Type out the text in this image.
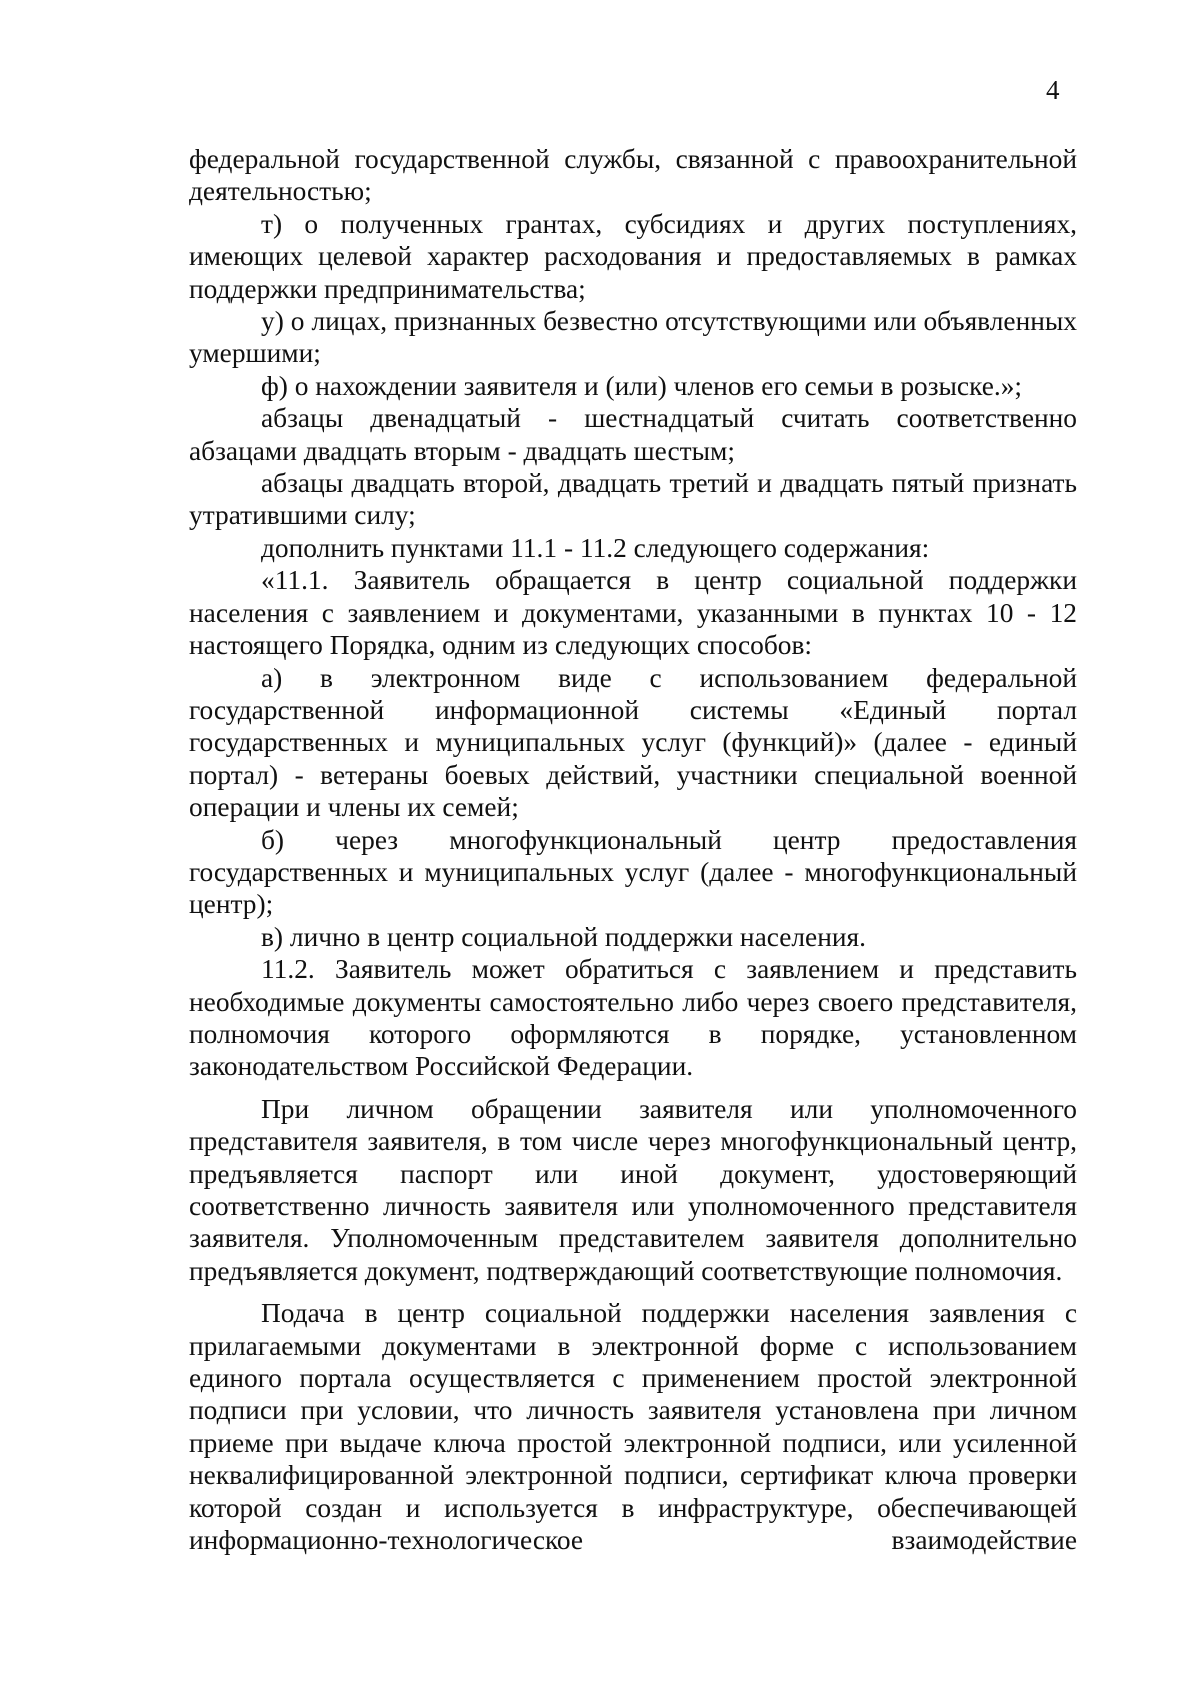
4

федеральной государственной службы, связанной с правоохранительной деятельностью;

т) о полученных грантах, субсидиях и других поступлениях, имеющих целевой характер расходования и предоставляемых в рамках поддержки предпринимательства;

у) о лицах, признанных безвестно отсутствующими или объявленных умершими;

ф) о нахождении заявителя и (или) членов его семьи в розыске.»;

абзацы двенадцатый - шестнадцатый считать соответственно абзацами двадцать вторым - двадцать шестым;

абзацы двадцать второй, двадцать третий и двадцать пятый признать утратившими силу;

дополнить пунктами 11.1 - 11.2 следующего содержания:

«11.1. Заявитель обращается в центр социальной поддержки населения с заявлением и документами, указанными в пунктах 10 - 12 настоящего Порядка, одним из следующих способов:

а) в электронном виде с использованием федеральной государственной информационной системы «Единый портал государственных и муниципальных услуг (функций)» (далее - единый портал) - ветераны боевых действий, участники специальной военной операции и члены их семей;

б) через многофункциональный центр предоставления государственных и муниципальных услуг (далее - многофункциональный центр);

в) лично в центр социальной поддержки населения.

11.2. Заявитель может обратиться с заявлением и представить необходимые документы самостоятельно либо через своего представителя, полномочия которого оформляются в порядке, установленном законодательством Российской Федерации.

При личном обращении заявителя или уполномоченного представителя заявителя, в том числе через многофункциональный центр, предъявляется паспорт или иной документ, удостоверяющий соответственно личность заявителя или уполномоченного представителя заявителя. Уполномоченным представителем заявителя дополнительно предъявляется документ, подтверждающий соответствующие полномочия.

Подача в центр социальной поддержки населения заявления с прилагаемыми документами в электронной форме с использованием единого портала осуществляется с применением простой электронной подписи при условии, что личность заявителя установлена при личном приеме при выдаче ключа простой электронной подписи, или усиленной неквалифицированной электронной подписи, сертификат ключа проверки которой создан и используется в инфраструктуре, обеспечивающей информационно-технологическое взаимодействие
